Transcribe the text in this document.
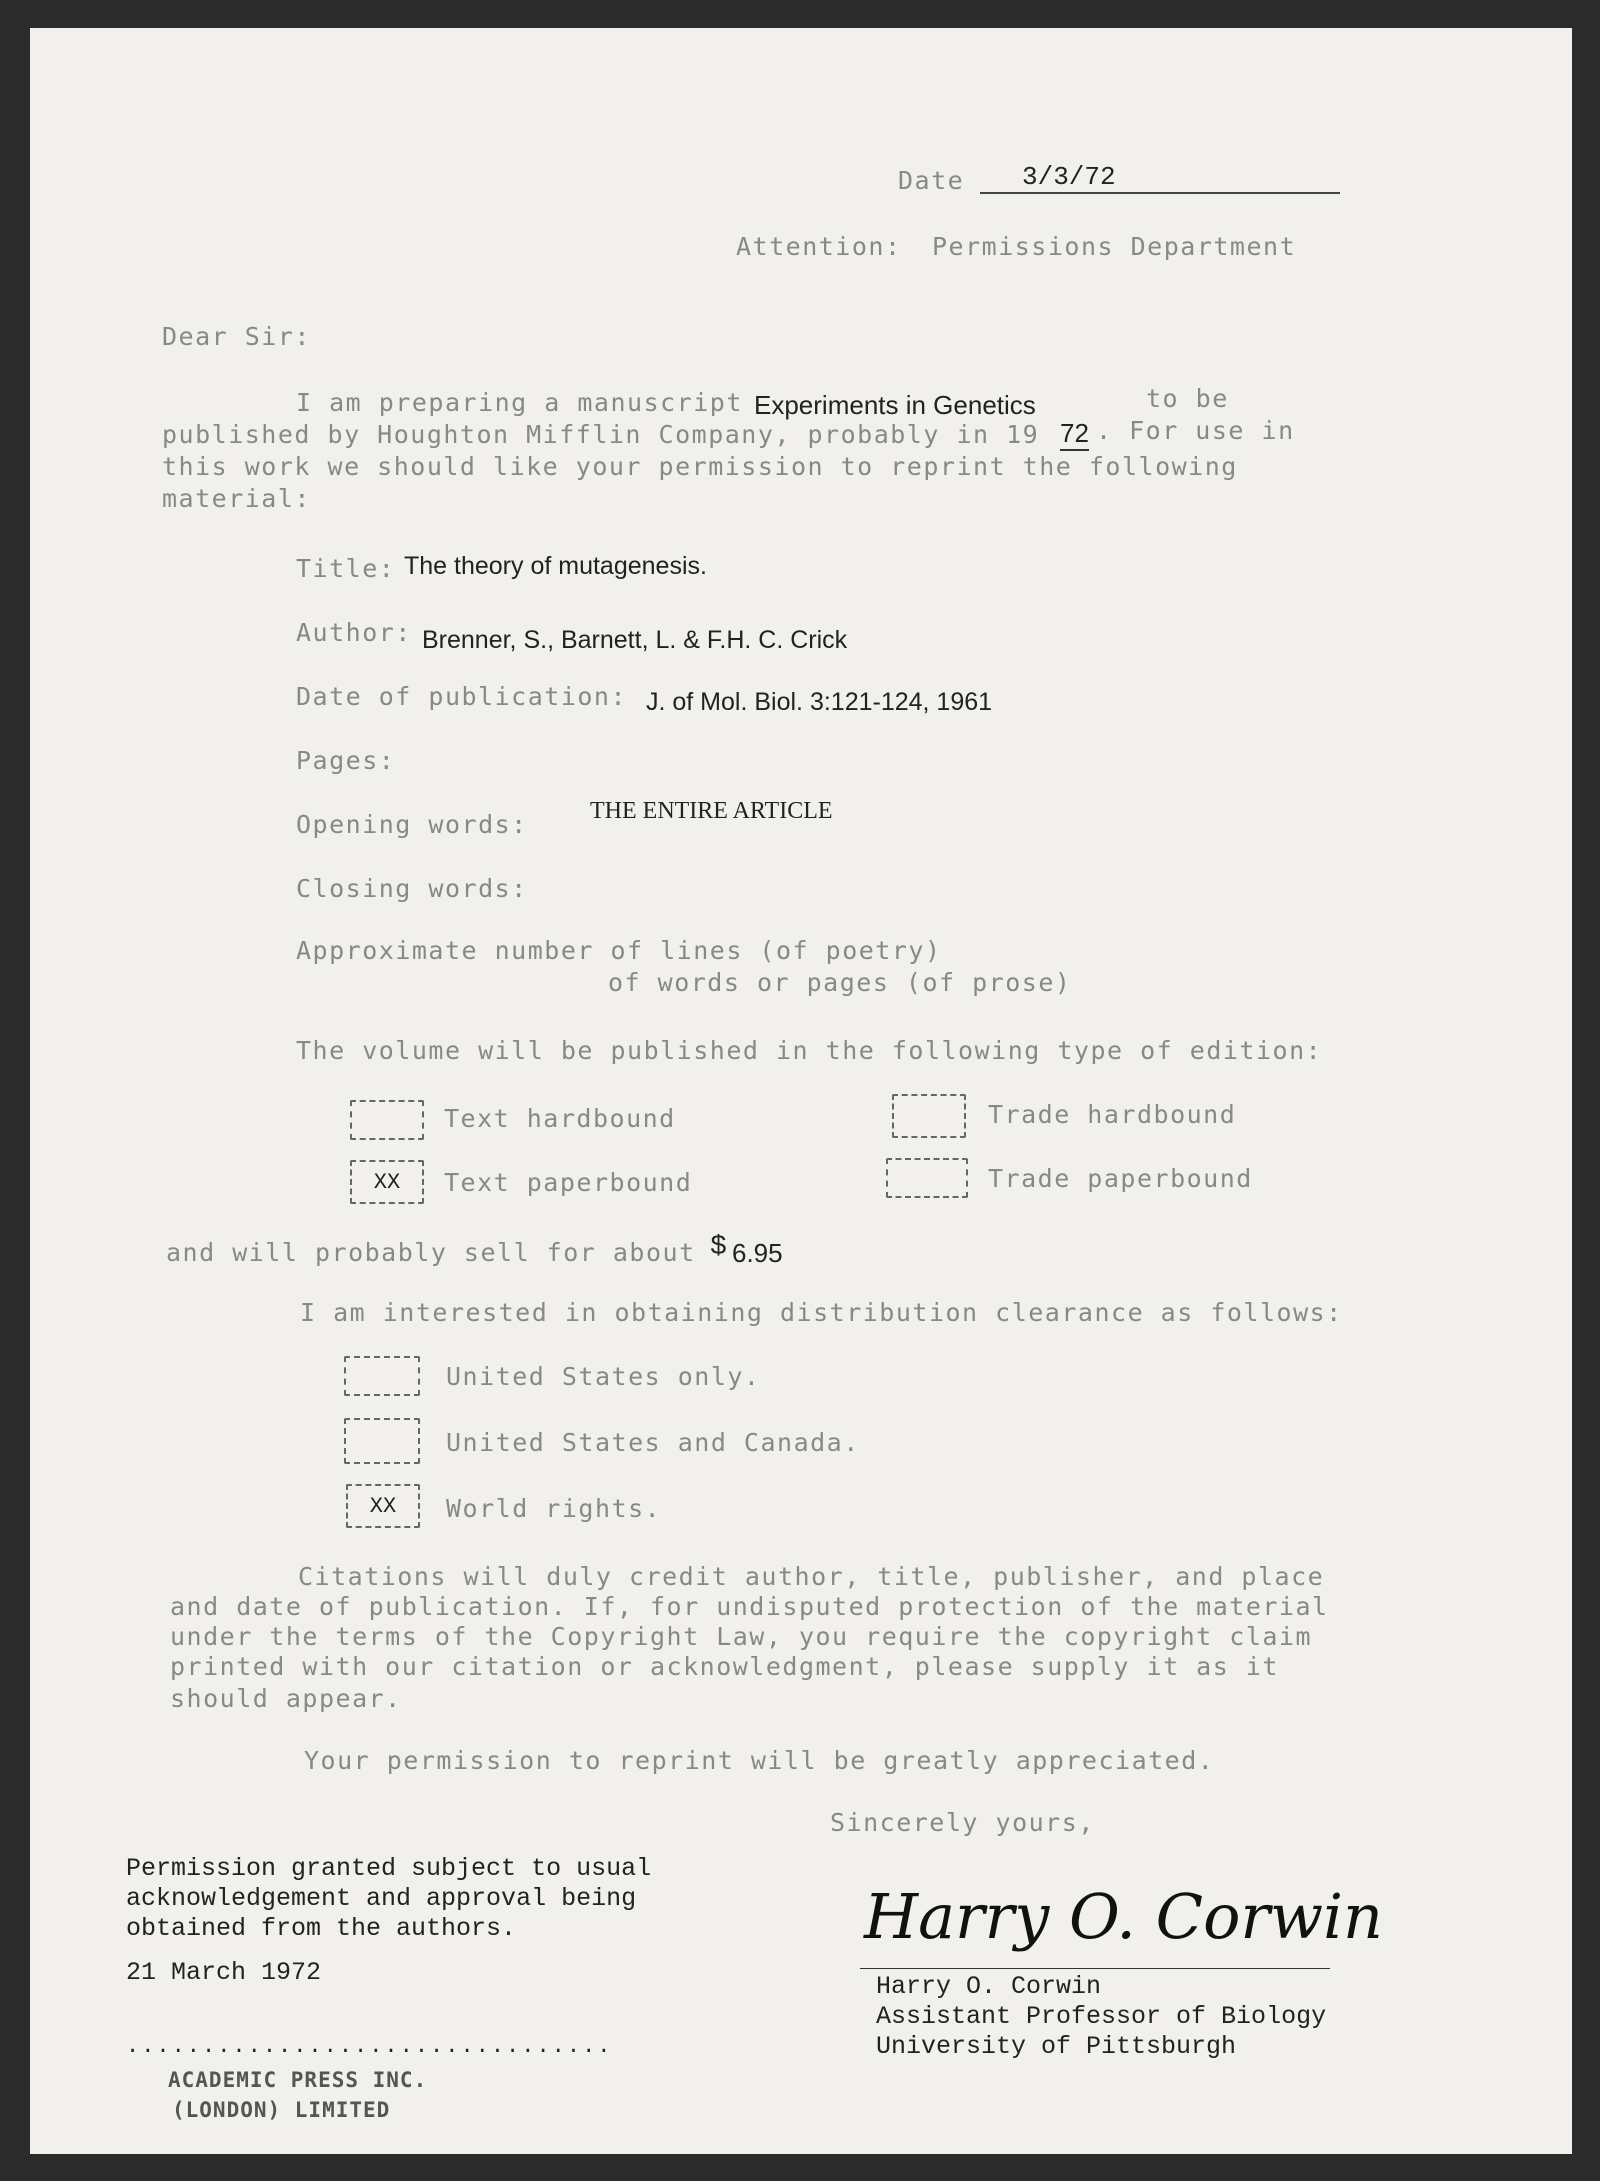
Date 3/3/72
Attention: Permissions Department
Dear Sir:
I am preparing a manuscript Experiments in Genetics	to be
published by Houghton Mifflin Company, probably in 19 72 . For use in
this work we should like your permission to reprint the following
material:
Title: The theory of mutagenesis.
Author: Brenner, S., Barnett, L. & F.H. C. Crick
Date of publication: J. of Mol. Biol. 3:121-124, 1961
Pages:
Opening words:	THE ENTIRE ARTICLE
Closing words:
Approximate number of lines (of poetry)
of words or pages (of prose)
The volume will be published in the following type of edition:
Text hardbound	Trade hardbound
XX	Text paperbound	Trade paperbound
and will probably sell for about $ 6.95
I am interested in obtaining distribution clearance as follows:
United States only.
United States and Canada.
XX	World rights.
Citations will duly credit author, title, publisher, and place
and date of publication. If, for undisputed protection of the material
under the terms of the Copyright Law, you require the copyright claim
printed with our citation or acknowledgment, please supply it as it
should appear.
Your permission to reprint will be greatly appreciated.
Sincerely yours,
Permission granted subject to usual
acknowledgement and approval being
obtained from the authors.
21 March 1972
................................
ACADEMIC PRESS INC.
(LONDON) LIMITED
Harry O. Corwin
Harry O. Corwin
Assistant Professor of Biology
University of Pittsburgh
